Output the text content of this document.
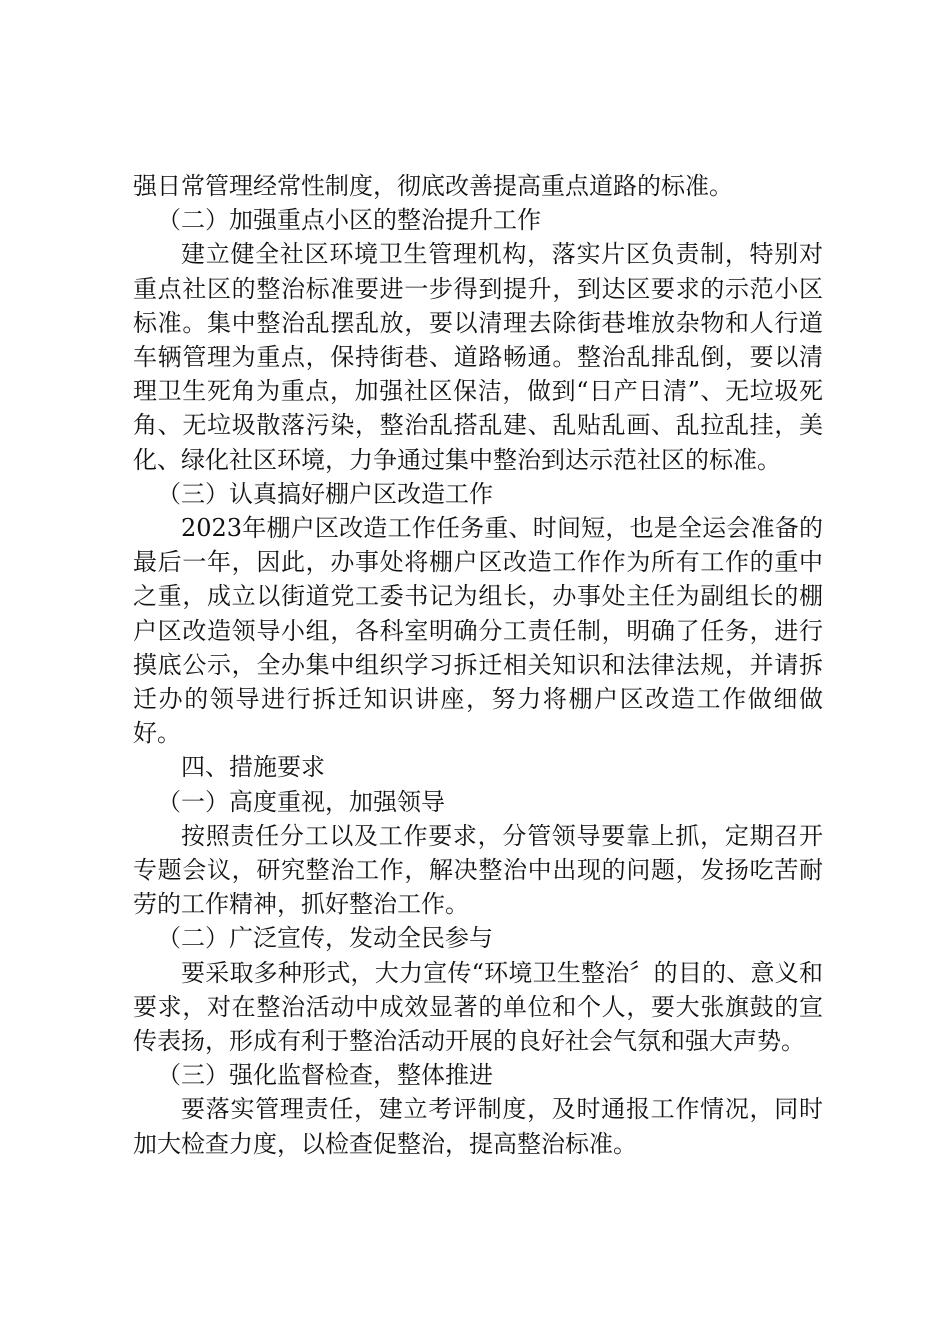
强日常管理经常性制度，彻底改善提高重点道路的标准。

（二）加强重点小区的整治提升工作

建立健全社区环境卫生管理机构，落实片区负责制，特别对重点社区的整治标准要进一步得到提升，到达区要求的示范小区标准。集中整治乱摆乱放，要以清理去除街巷堆放杂物和人行道车辆管理为重点，保持街巷、道路畅通。整治乱排乱倒，要以清理卫生死角为重点，加强社区保洁，做到“日产日清”、无垃圾死角、无垃圾散落污染，整治乱搭乱建、乱贴乱画、乱拉乱挂，美化、绿化社区环境，力争通过集中整治到达示范社区的标准。

（三）认真搞好棚户区改造工作

2023年棚户区改造工作任务重、时间短，也是全运会准备的最后一年，因此，办事处将棚户区改造工作作为所有工作的重中之重，成立以街道党工委书记为组长，办事处主任为副组长的棚户区改造领导小组，各科室明确分工责任制，明确了任务，进行摸底公示，全办集中组织学习拆迁相关知识和法律法规，并请拆迁办的领导进行拆迁知识讲座，努力将棚户区改造工作做细做好。

四、措施要求

（一）高度重视，加强领导

按照责任分工以及工作要求，分管领导要靠上抓，定期召开专题会议，研究整治工作，解决整治中出现的问题，发扬吃苦耐劳的工作精神，抓好整治工作。

（二）广泛宣传，发动全民参与

要采取多种形式，大力宣传“环境卫生整治〞的目的、意义和要求，对在整治活动中成效显著的单位和个人，要大张旗鼓的宣传表扬，形成有利于整治活动开展的良好社会气氛和强大声势。

（三）强化监督检查，整体推进

要落实管理责任，建立考评制度，及时通报工作情况，同时加大检查力度，以检查促整治，提高整治标准。
